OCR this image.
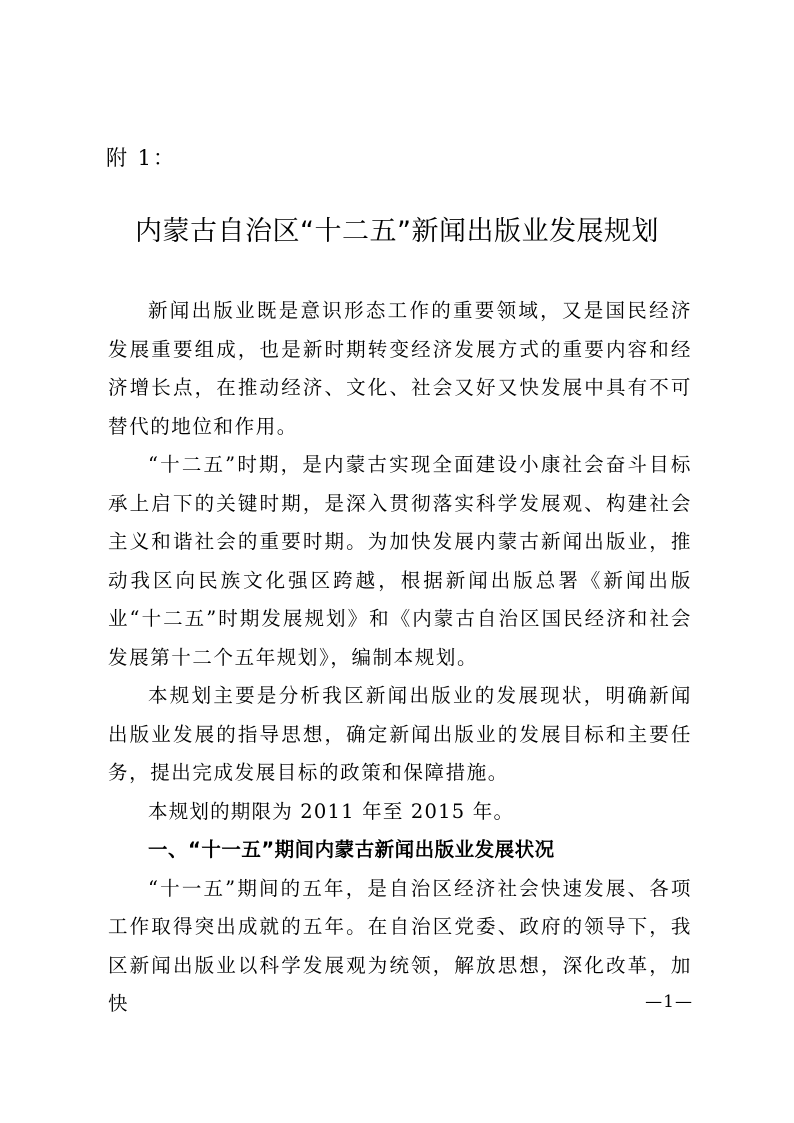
附 1：
内蒙古自治区“十二五”新闻出版业发展规划

新闻出版业既是意识形态工作的重要领域，又是国民经济发展重要组成，也是新时期转变经济发展方式的重要内容和经济增长点，在推动经济、文化、社会又好又快发展中具有不可替代的地位和作用。

“十二五”时期，是内蒙古实现全面建设小康社会奋斗目标承上启下的关键时期，是深入贯彻落实科学发展观、构建社会主义和谐社会的重要时期。为加快发展内蒙古新闻出版业，推动我区向民族文化强区跨越，根据新闻出版总署《新闻出版业“十二五”时期发展规划》和《内蒙古自治区国民经济和社会发展第十二个五年规划》，编制本规划。

本规划主要是分析我区新闻出版业的发展现状，明确新闻出版业发展的指导思想，确定新闻出版业的发展目标和主要任务，提出完成发展目标的政策和保障措施。

本规划的期限为 2011 年至 2015 年。

一、“十一五”期间内蒙古新闻出版业发展状况

“十一五”期间的五年，是自治区经济社会快速发展、各项工作取得突出成就的五年。在自治区党委、政府的领导下，我区新闻出版业以科学发展观为统领，解放思想，深化改革，加快	—1—
